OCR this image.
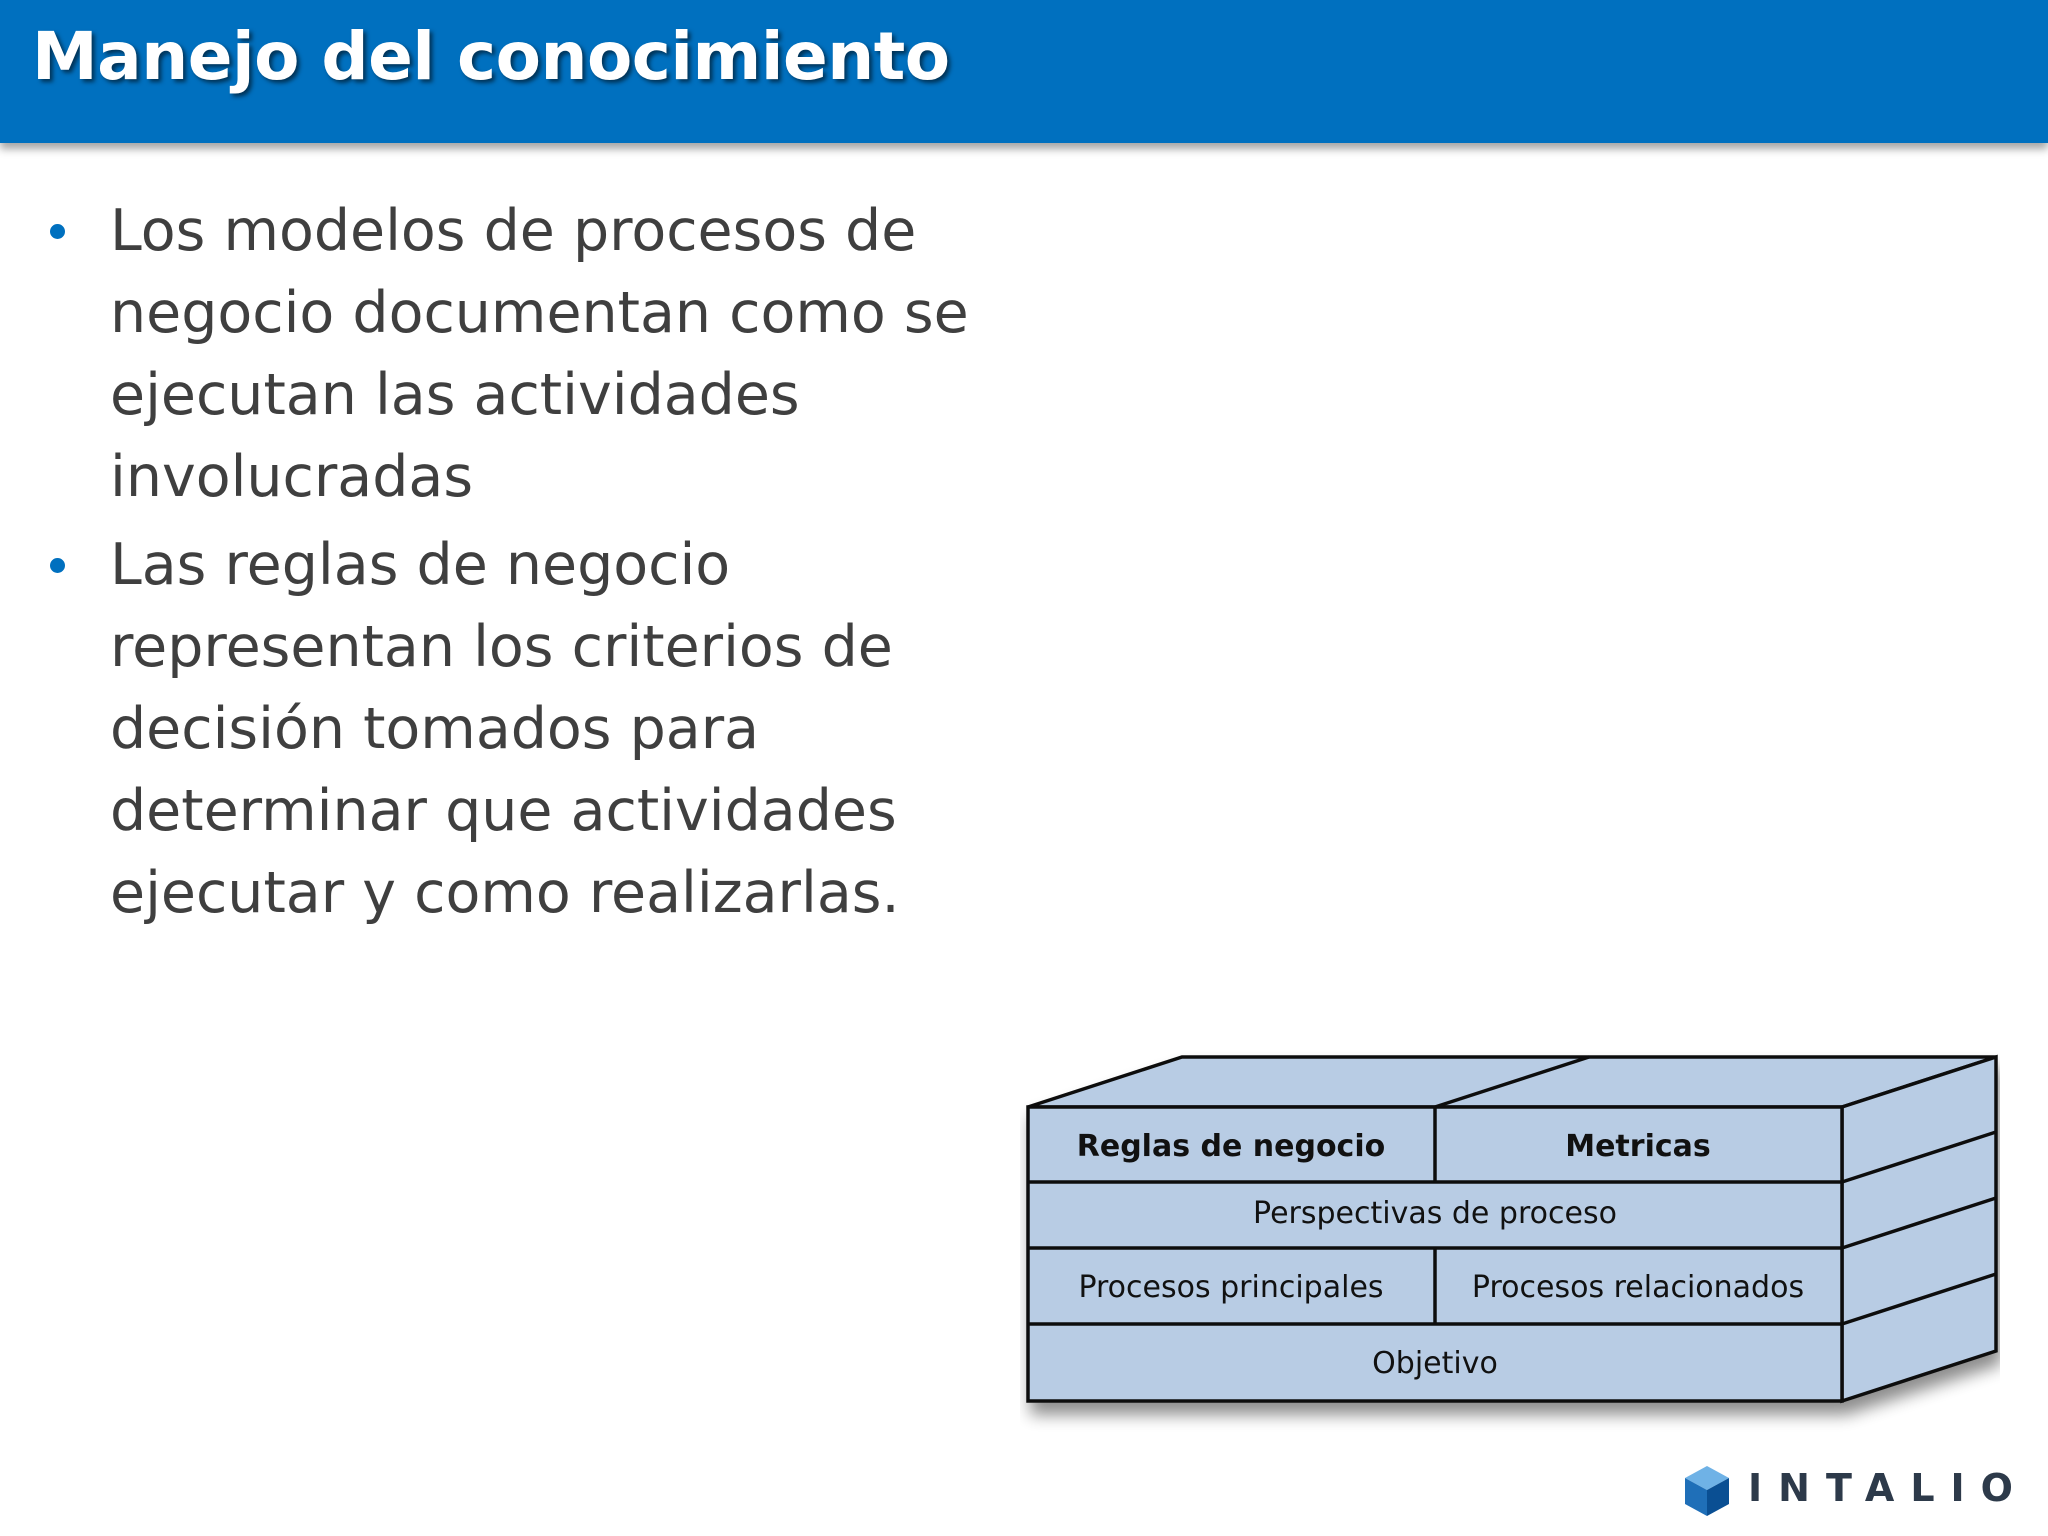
Manejo del conocimiento
Los modelos de procesos de negocio documentan como se ejecutan las actividades involucradas
Las reglas de negocio representan los criterios de decisión tomados para determinar que actividades ejecutar y como realizarlas.
Reglas de negocio	Metricas
Perspectivas de proceso
Procesos principales	Procesos relacionados
Objetivo
INTALIO
